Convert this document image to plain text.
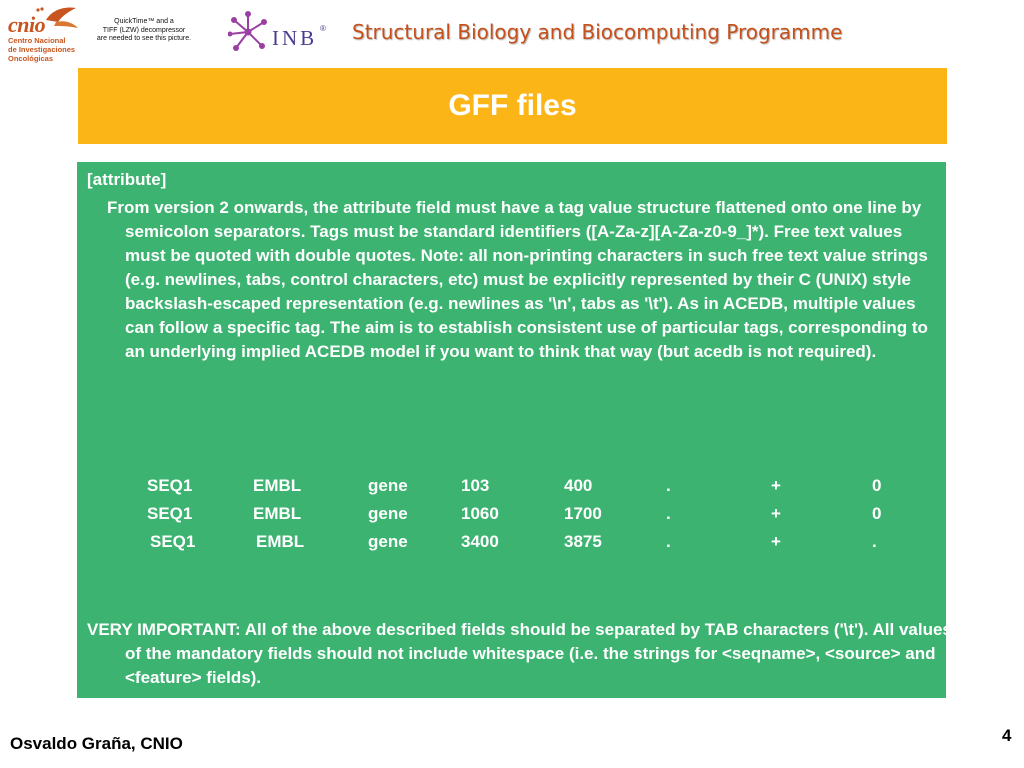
cnio
Centro Nacional
de Investigaciones
Oncológicas
QuickTime™ and a
TIFF (LZW) decompressor
are needed to see this picture.	INB ® Structural Biology and Biocomputing Programme
GFF files
[attribute]

From version 2 onwards, the attribute field must have a tag value structure flattened onto one line by semicolon separators. Tags must be standard identifiers ([A-Za-z][A-Za-z0-9_]*). Free text values must be quoted with double quotes. Note: all non-printing characters in such free text value strings (e.g. newlines, tabs, control characters, etc) must be explicitly represented by their C (UNIX) style backslash-escaped representation (e.g. newlines as '\n', tabs as '\t'). As in ACEDB, multiple values can follow a specific tag. The aim is to establish consistent use of particular tags, corresponding to an underlying implied ACEDB model if you want to think that way (but acedb is not required).

SEQ1	EMBL	gene	103	400	.	+	0
SEQ1	EMBL	gene	1060	1700	.	+	0
SEQ1	EMBL	gene	3400	3875	.	+	.

VERY IMPORTANT: All of the above described fields should be separated by TAB characters ('\t'). All values of the mandatory fields should not include whitespace (i.e. the strings for <seqname>, <source> and <feature> fields).

Osvaldo Graña, CNIO	4
